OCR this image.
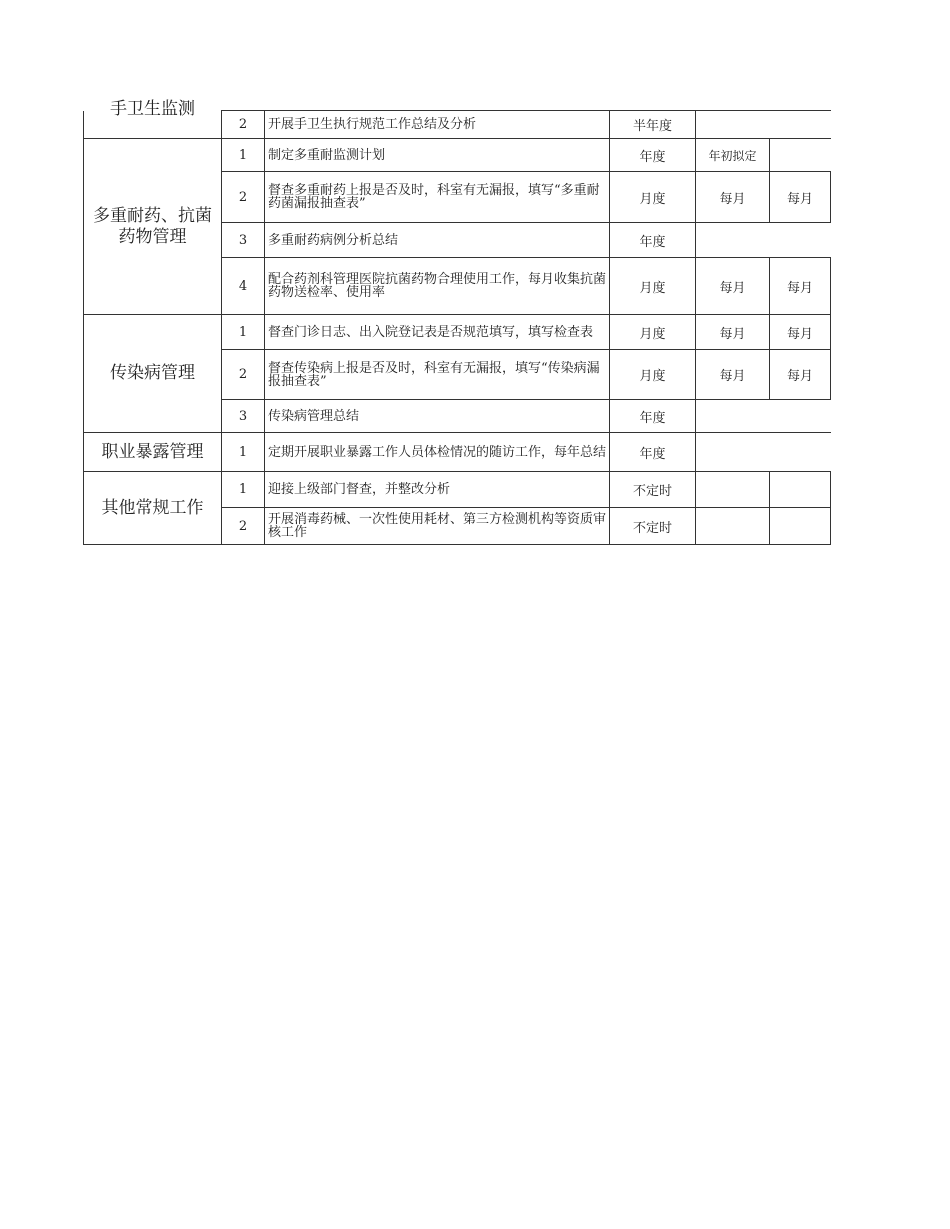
手卫生监测	2	开展手卫生执行规范工作总结及分析	半年度		
多重耐药、抗菌药物管理	1	制定多重耐监测计划	年度	年初拟定	
	2	督查多重耐药上报是否及时，科室有无漏报，填写“多重耐药菌漏报抽查表”	月度	每月	每月
	3	多重耐药病例分析总结	年度		
	4	配合药剂科管理医院抗菌药物合理使用工作，每月收集抗菌药物送检率、使用率	月度	每月	每月
传染病管理	1	督查门诊日志、出入院登记表是否规范填写，填写检查表	月度	每月	每月
	2	督查传染病上报是否及时，科室有无漏报，填写“传染病漏报抽查表”	月度	每月	每月
	3	传染病管理总结	年度		
职业暴露管理	1	定期开展职业暴露工作人员体检情况的随访工作，每年总结	年度		
其他常规工作	1	迎接上级部门督查，并整改分析	不定时		
	2	开展消毒药械、一次性使用耗材、第三方检测机构等资质审核工作	不定时		
